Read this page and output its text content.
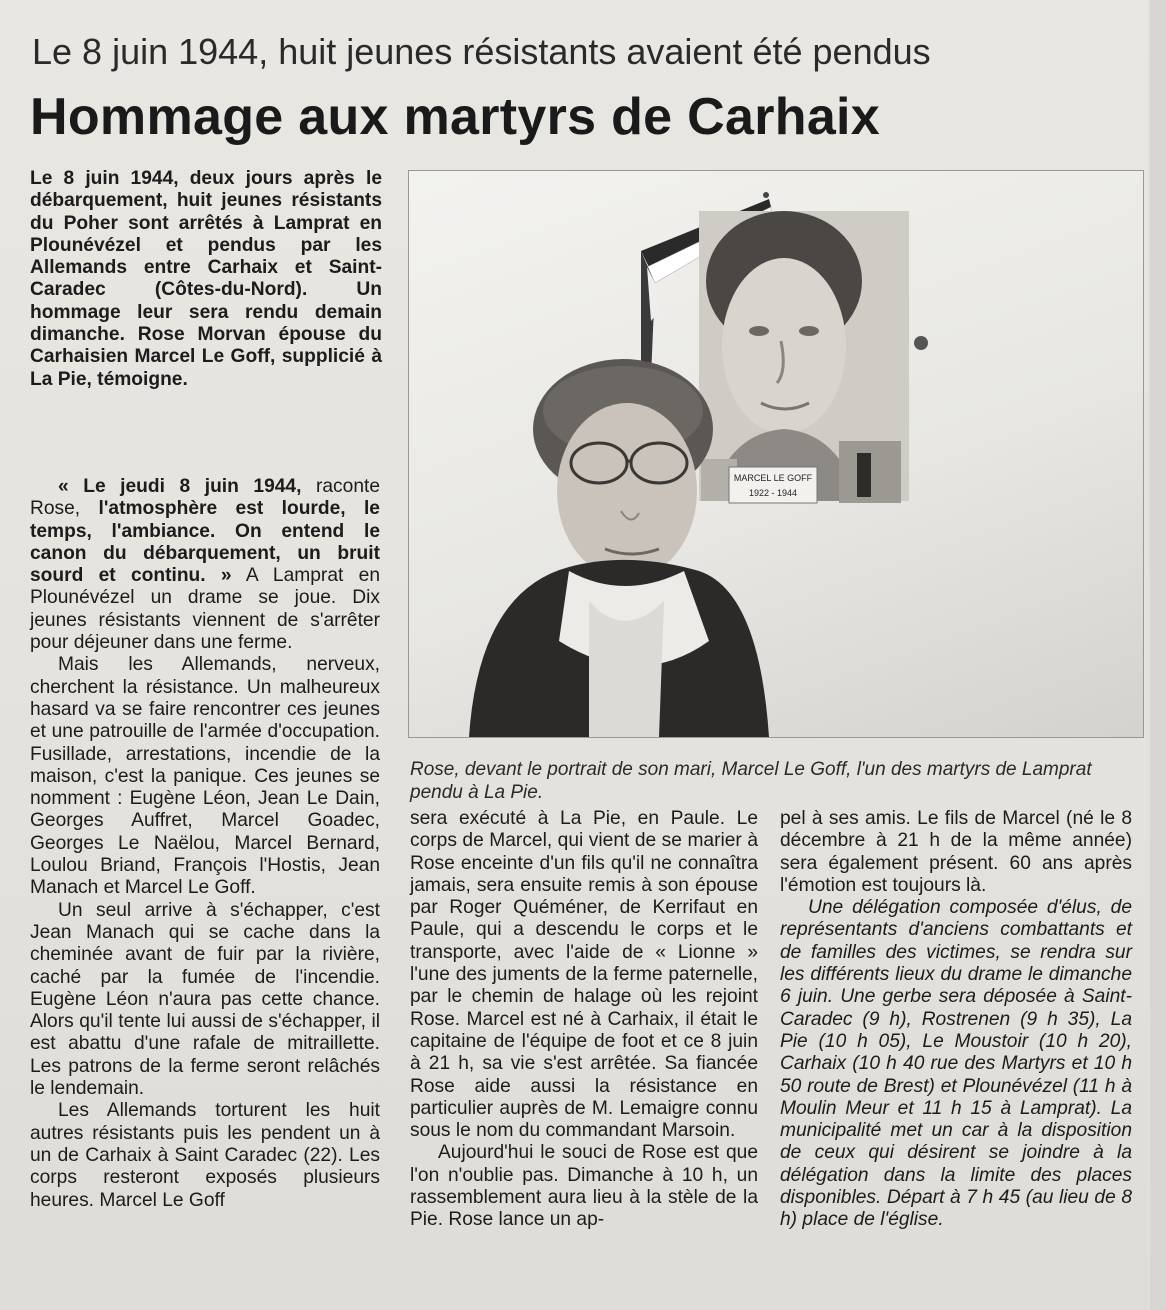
Le 8 juin 1944, huit jeunes résistants avaient été pendus
Hommage aux martyrs de Carhaix
Le 8 juin 1944, deux jours après le débarquement, huit jeunes résistants du Poher sont arrêtés à Lamprat en Plounévézel et pendus par les Allemands entre Carhaix et Saint-Caradec (Côtes-du-Nord). Un hommage leur sera rendu demain dimanche. Rose Morvan épouse du Carhaisien Marcel Le Goff, supplicié à La Pie, témoigne.

« Le jeudi 8 juin 1944, raconte Rose, l'atmosphère est lourde, le temps, l'ambiance. On entend le canon du débarquement, un bruit sourd et continu. » A Lamprat en Plounévézel un drame se joue. Dix jeunes résistants viennent de s'arrêter pour déjeuner dans une ferme.

Mais les Allemands, nerveux, cherchent la résistance. Un malheureux hasard va se faire rencontrer ces jeunes et une patrouille de l'armée d'occupation. Fusillade, arrestations, incendie de la maison, c'est la panique. Ces jeunes se nomment : Eugène Léon, Jean Le Dain, Georges Auffret, Marcel Goadec, Georges Le Naëlou, Marcel Bernard, Loulou Briand, François l'Hostis, Jean Manach et Marcel Le Goff.

Un seul arrive à s'échapper, c'est Jean Manach qui se cache dans la cheminée avant de fuir par la rivière, caché par la fumée de l'incendie. Eugène Léon n'aura pas cette chance. Alors qu'il tente lui aussi de s'échapper, il est abattu d'une rafale de mitraillette. Les patrons de la ferme seront relâchés le lendemain.

Les Allemands torturent les huit autres résistants puis les pendent un à un de Carhaix à Saint Caradec (22). Les corps resteront exposés plusieurs heures. Marcel Le Goff

MARCEL LE GOFF
1922 - 1944
Rose, devant le portrait de son mari, Marcel Le Goff, l'un des martyrs de Lamprat pendu à La Pie.

sera exécuté à La Pie, en Paule. Le corps de Marcel, qui vient de se marier à Rose enceinte d'un fils qu'il ne connaîtra jamais, sera ensuite remis à son épouse par Roger Quéméner, de Kerrifaut en Paule, qui a descendu le corps et le transporte, avec l'aide de « Lionne » l'une des juments de la ferme paternelle, par le chemin de halage où les rejoint Rose. Marcel est né à Carhaix, il était le capitaine de l'équipe de foot et ce 8 juin à 21 h, sa vie s'est arrêtée. Sa fiancée Rose aide aussi la résistance en particulier auprès de M. Lemaigre connu sous le nom du commandant Marsoin.

Aujourd'hui le souci de Rose est que l'on n'oublie pas. Dimanche à 10 h, un rassemblement aura lieu à la stèle de la Pie. Rose lance un ap-

pel à ses amis. Le fils de Marcel (né le 8 décembre à 21 h de la même année) sera également présent. 60 ans après l'émotion est toujours là.

Une délégation composée d'élus, de représentants d'anciens combattants et de familles des victimes, se rendra sur les différents lieux du drame le dimanche 6 juin. Une gerbe sera déposée à Saint-Caradec (9 h), Rostrenen (9 h 35), La Pie (10 h 05), Le Moustoir (10 h 20), Carhaix (10 h 40 rue des Martyrs et 10 h 50 route de Brest) et Plounévézel (11 h à Moulin Meur et 11 h 15 à Lamprat). La municipalité met un car à la disposition de ceux qui désirent se joindre à la délégation dans la limite des places disponibles. Départ à 7 h 45 (au lieu de 8 h) place de l'église.
